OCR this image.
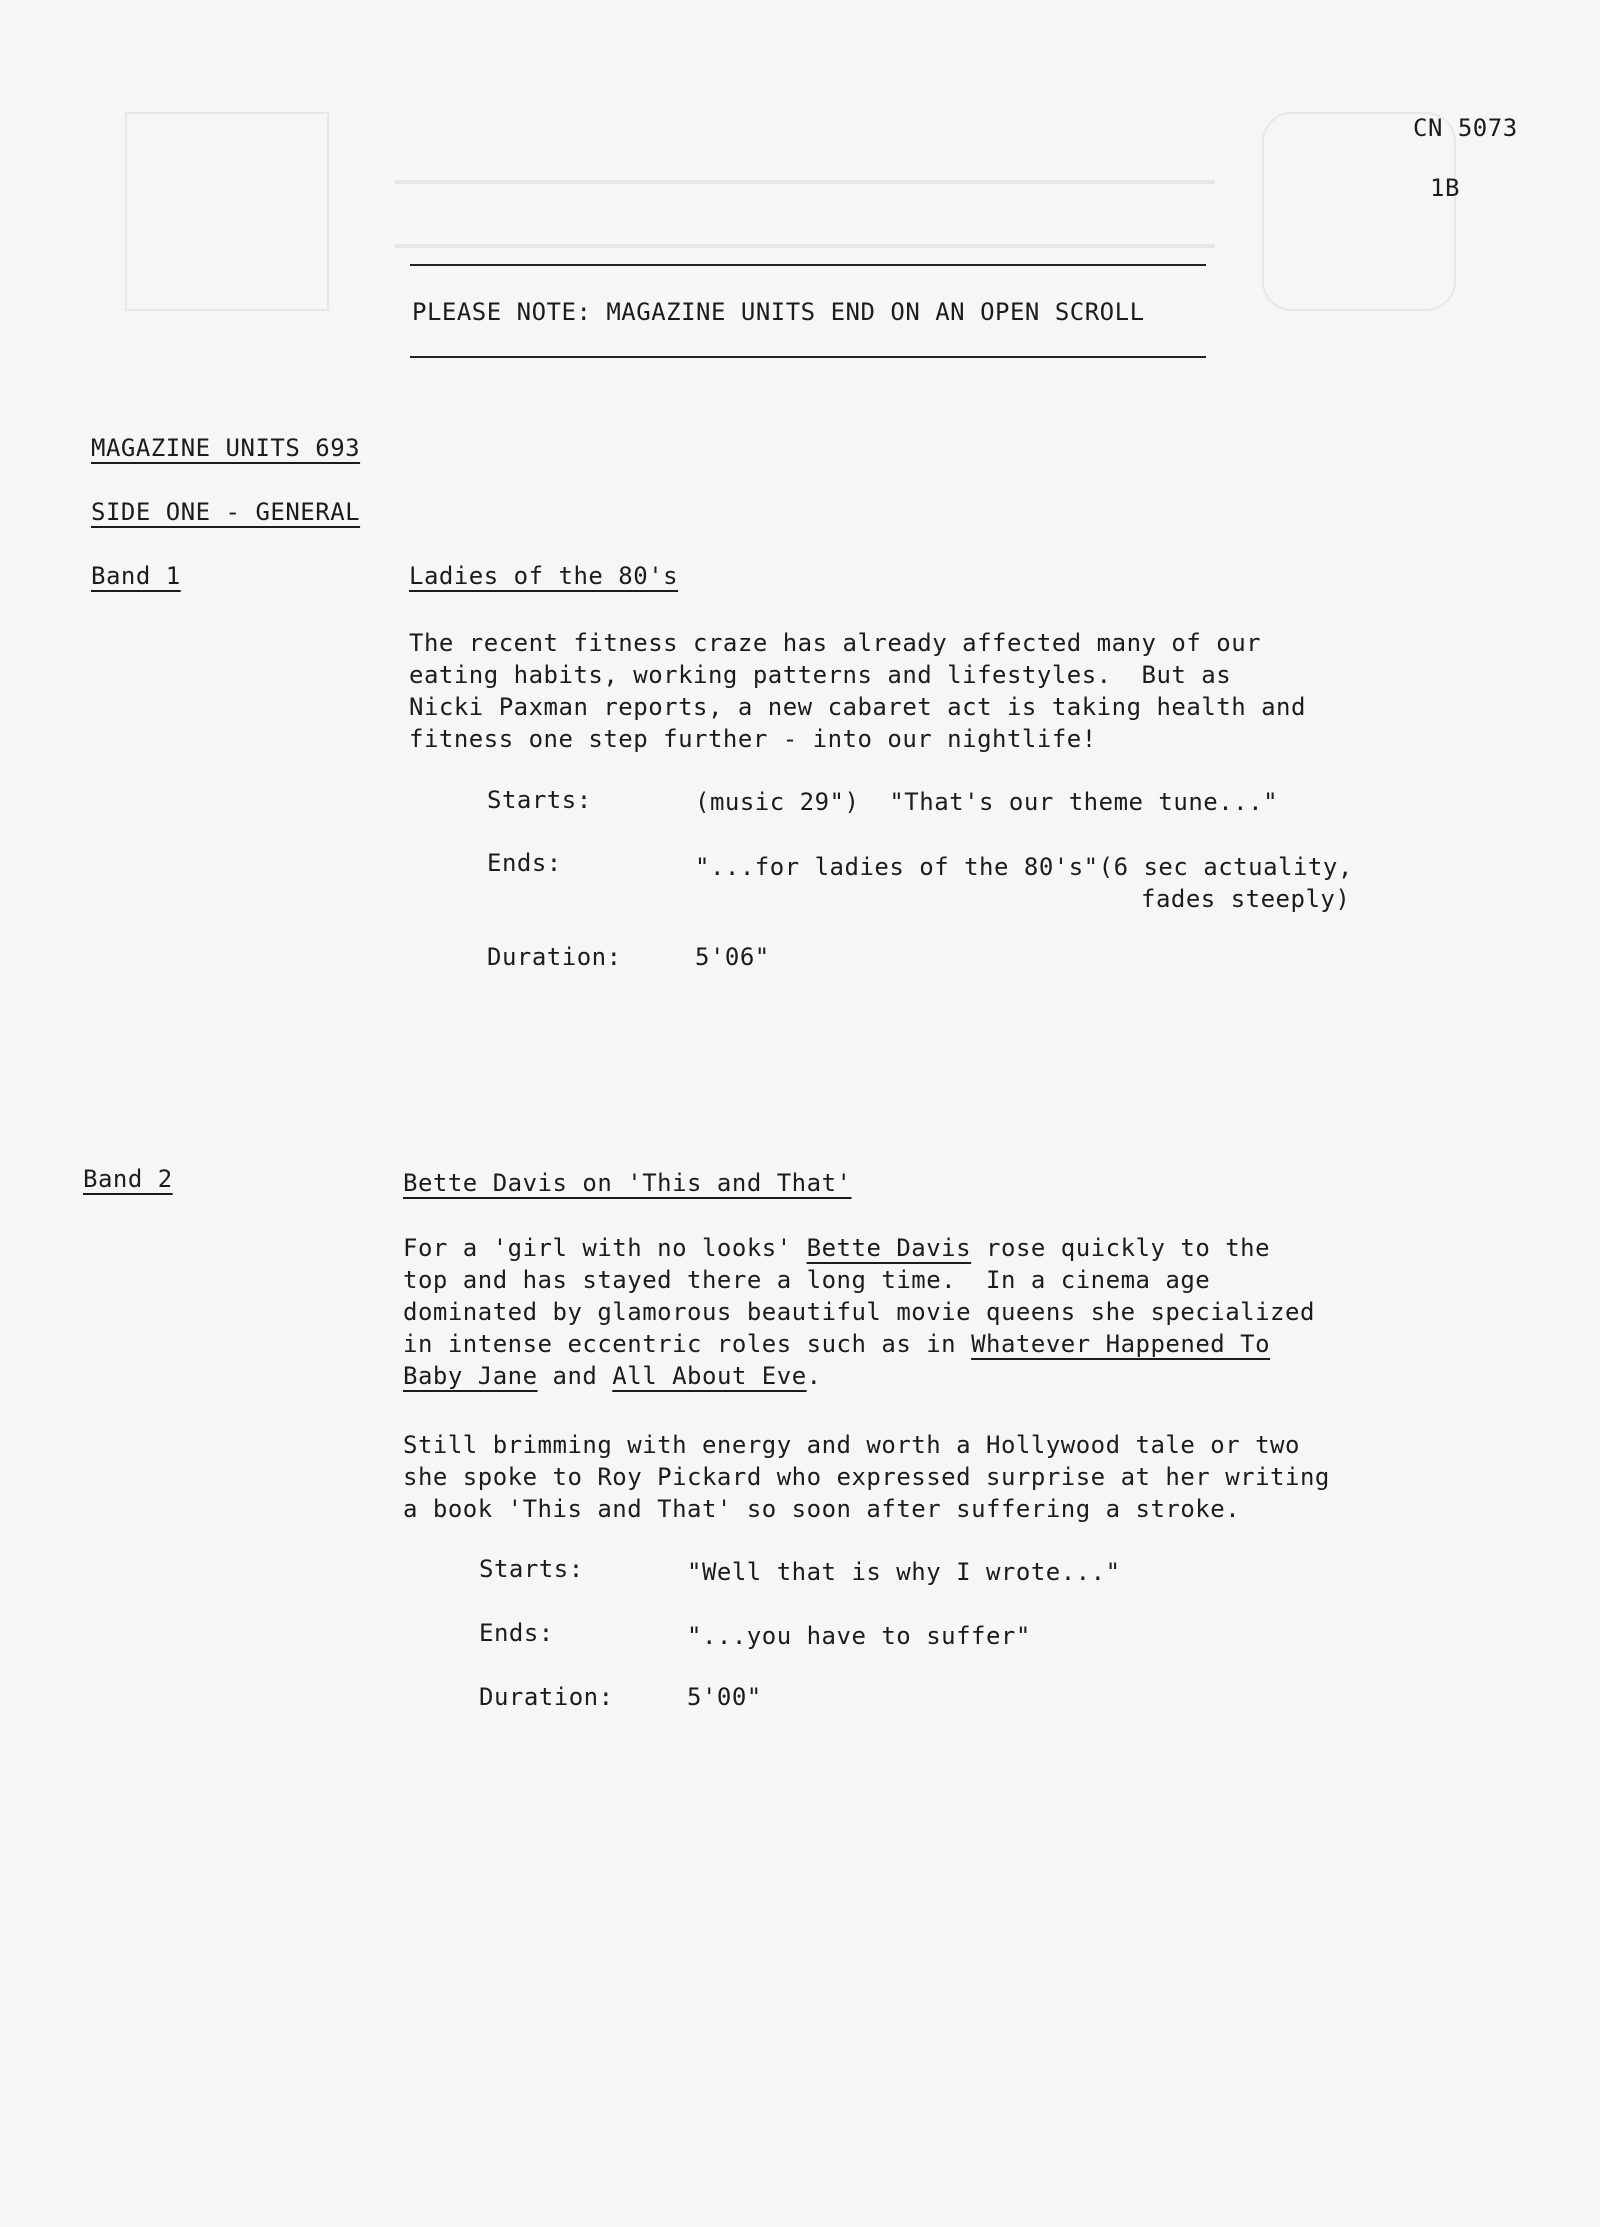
CN 5073
1B
PLEASE NOTE: MAGAZINE UNITS END ON AN OPEN SCROLL
MAGAZINE UNITS 693
SIDE ONE - GENERAL
Band 1	Ladies of the 80's
The recent fitness craze has already affected many of our
eating habits, working patterns and lifestyles.  But as
Nicki Paxman reports, a new cabaret act is taking health and
fitness one step further - into our nightlife!
Starts:	(music 29")  "That's our theme tune..."
Ends:	"...for ladies of the 80's"(6 sec actuality,
fades steeply)
Duration:	5'06"
Band 2	Bette Davis on 'This and That'
For a 'girl with no looks' Bette Davis rose quickly to the
top and has stayed there a long time.  In a cinema age
dominated by glamorous beautiful movie queens she specialized
in intense eccentric roles such as in Whatever Happened To
Baby Jane and All About Eve.
Still brimming with energy and worth a Hollywood tale or two
she spoke to Roy Pickard who expressed surprise at her writing
a book 'This and That' so soon after suffering a stroke.
Starts:	"Well that is why I wrote..."
Ends:	"...you have to suffer"
Duration:	5'00"
